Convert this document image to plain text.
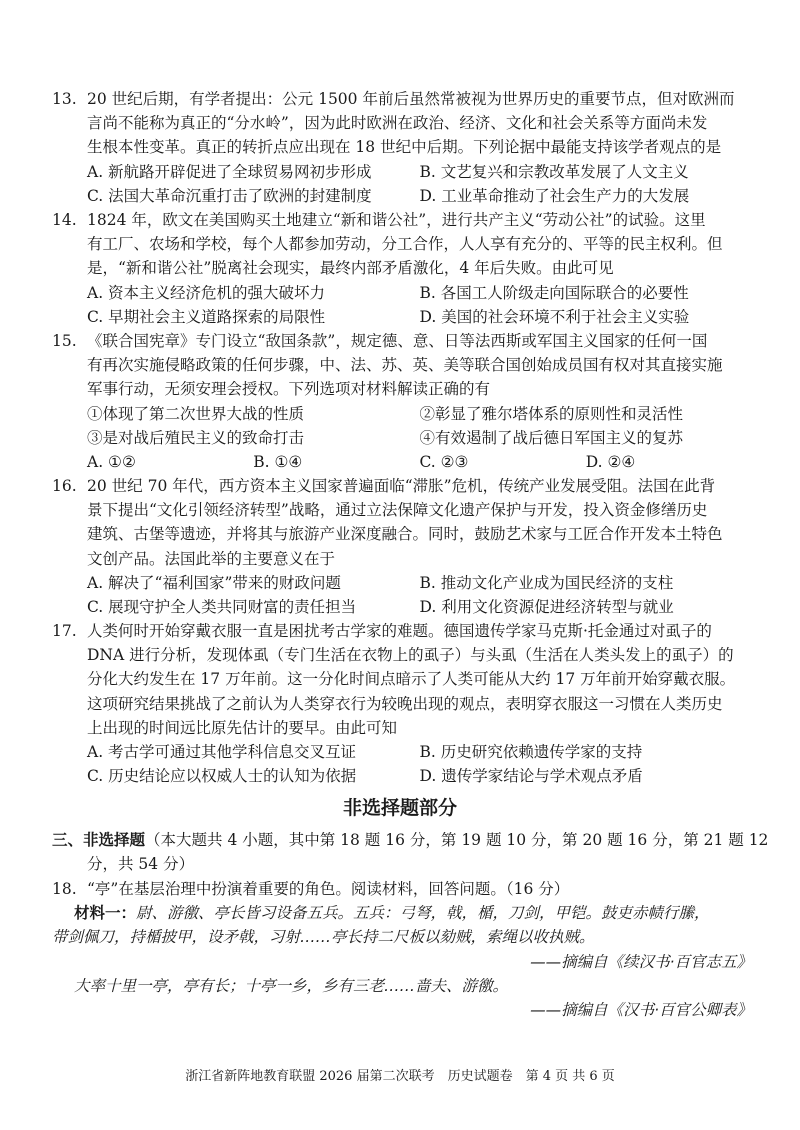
13. 20 世纪后期，有学者提出：公元 1500 年前后虽然常被视为世界历史的重要节点，但对欧洲而
言尚不能称为真正的“分水岭”，因为此时欧洲在政治、经济、文化和社会关系等方面尚未发
生根本性变革。真正的转折点应出现在 18 世纪中后期。下列论据中最能支持该学者观点的是
A. 新航路开辟促进了全球贸易网初步形成	B. 文艺复兴和宗教改革发展了人文主义
C. 法国大革命沉重打击了欧洲的封建制度	D. 工业革命推动了社会生产力的大发展
14. 1824 年，欧文在美国购买土地建立“新和谐公社”，进行共产主义“劳动公社”的试验。这里
有工厂、农场和学校，每个人都参加劳动，分工合作，人人享有充分的、平等的民主权利。但
是，“新和谐公社”脱离社会现实，最终内部矛盾激化，4 年后失败。由此可见
A. 资本主义经济危机的强大破坏力	B. 各国工人阶级走向国际联合的必要性
C. 早期社会主义道路探索的局限性	D. 美国的社会环境不利于社会主义实验
15. 《联合国宪章》专门设立“敌国条款”，规定德、意、日等法西斯或军国主义国家的任何一国
有再次实施侵略政策的任何步骤，中、法、苏、英、美等联合国创始成员国有权对其直接实施
军事行动，无须安理会授权。下列选项对材料解读正确的有
①体现了第二次世界大战的性质	②彰显了雅尔塔体系的原则性和灵活性
③是对战后殖民主义的致命打击	④有效遏制了战后德日军国主义的复苏
A. ①②	B. ①④	C. ②③	D. ②④
16. 20 世纪 70 年代，西方资本主义国家普遍面临“滞胀”危机，传统产业发展受阻。法国在此背
景下提出“文化引领经济转型”战略，通过立法保障文化遗产保护与开发，投入资金修缮历史
建筑、古堡等遗迹，并将其与旅游产业深度融合。同时，鼓励艺术家与工匠合作开发本土特色
文创产品。法国此举的主要意义在于
A. 解决了“福利国家”带来的财政问题	B. 推动文化产业成为国民经济的支柱
C. 展现守护全人类共同财富的责任担当	D. 利用文化资源促进经济转型与就业
17. 人类何时开始穿戴衣服一直是困扰考古学家的难题。德国遗传学家马克斯·托金通过对虱子的
DNA 进行分析，发现体虱（专门生活在衣物上的虱子）与头虱（生活在人类头发上的虱子）的
分化大约发生在 17 万年前。这一分化时间点暗示了人类可能从大约 17 万年前开始穿戴衣服。
这项研究结果挑战了之前认为人类穿衣行为较晚出现的观点，表明穿衣服这一习惯在人类历史
上出现的时间远比原先估计的要早。由此可知
A. 考古学可通过其他学科信息交叉互证	B. 历史研究依赖遗传学家的支持
C. 历史结论应以权威人士的认知为依据	D. 遗传学家结论与学术观点矛盾
非选择题部分
三、非选择题（本大题共 4 小题，其中第 18 题 16 分，第 19 题 10 分，第 20 题 16 分，第 21 题 12
分，共 54 分）
18. “亭”在基层治理中扮演着重要的角色。阅读材料，回答问题。（16 分）
材料一：尉、游徼、亭长皆习设备五兵。五兵：弓弩，戟，楯，刀剑，甲铠。鼓吏赤帻行縢，
带剑佩刀，持楯披甲，设矛戟，习射……亭长持二尺板以劾贼，索绳以收执贼。
——摘编自《续汉书·百官志五》
大率十里一亭，亭有长；十亭一乡，乡有三老……啬夫、游徼。
——摘编自《汉书·百官公卿表》
浙江省新阵地教育联盟 2026 届第二次联考　历史试题卷　第 4 页 共 6 页
